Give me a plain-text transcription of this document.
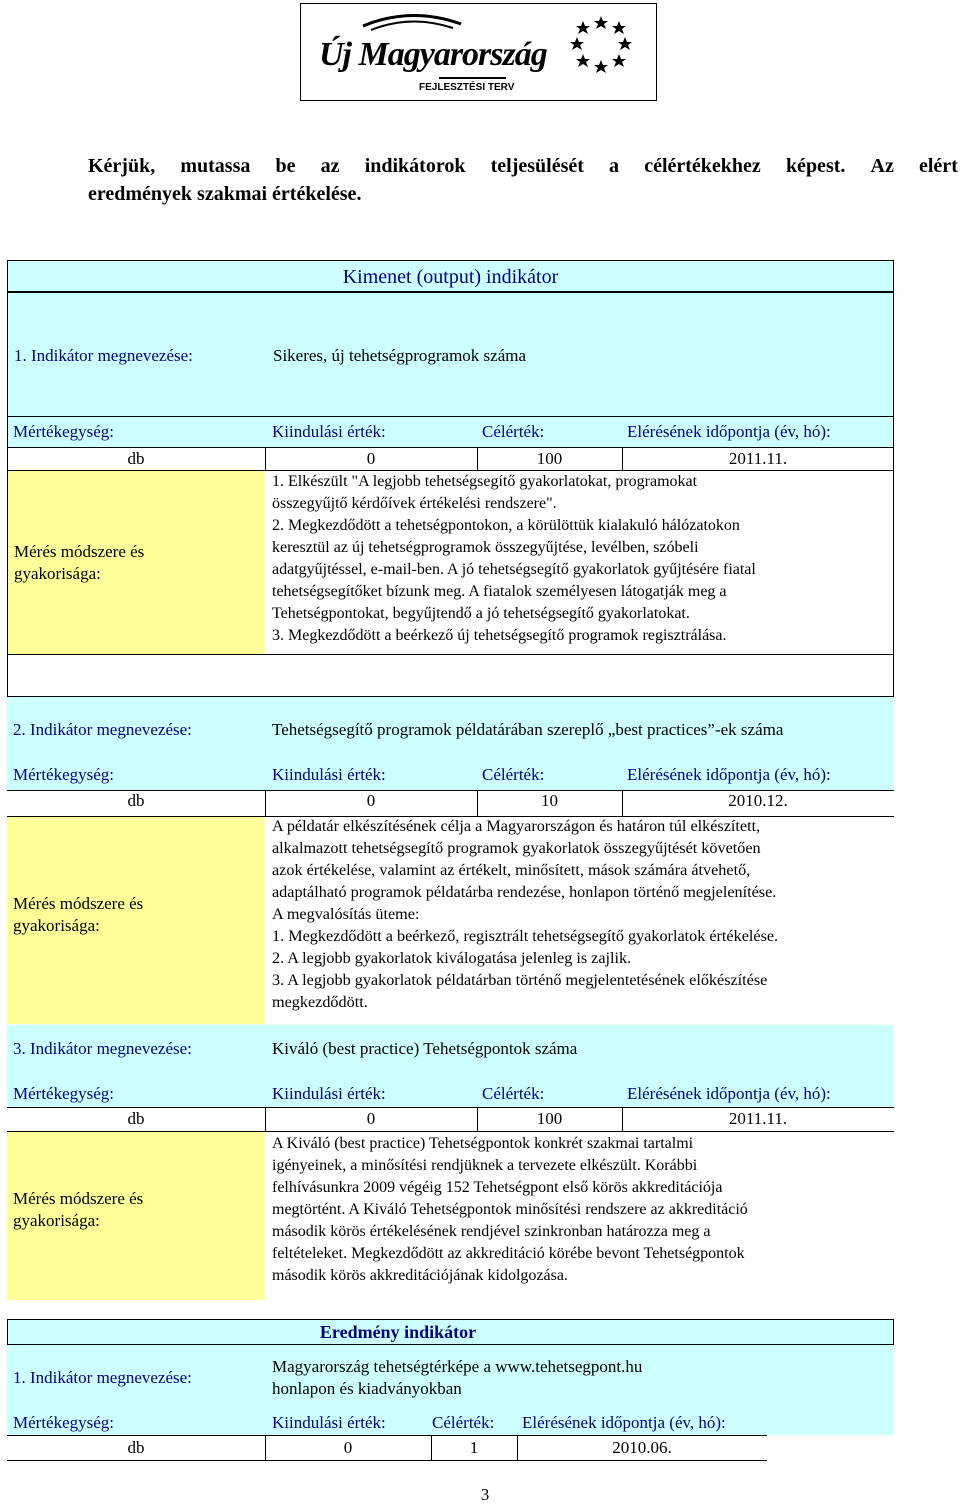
Új Magyarország
FEJLESZTÉSI TERV
Kérjük, mutassa be az indikátorok teljesülését a célértékekhez képest. Az elért
eredmények szakmai értékelése.
Kimenet (output) indikátor
1. Indikátor megnevezése:	Sikeres, új tehetségprogramok száma
Mértékegység:	Kiindulási érték:	Célérték:	Elérésének időpontja (év, hó):
db	0	100	2011.11.
Mérés módszere és
gyakorisága:
1. Elkészült "A legjobb tehetségsegítő gyakorlatokat, programokat
összegyűjtő kérdőívek értékelési rendszere".
2. Megkezdődött a tehetségpontokon, a körülöttük kialakuló hálózatokon
keresztül az új tehetségprogramok összegyűjtése, levélben, szóbeli
adatgyűjtéssel, e-mail-ben. A jó tehetségsegítő gyakorlatok gyűjtésére fiatal
tehetségsegítőket bízunk meg. A fiatalok személyesen látogatják meg a
Tehetségpontokat, begyűjtendő a jó tehetségsegítő gyakorlatokat.
3. Megkezdődött a beérkező új tehetségsegítő programok regisztrálása.
2. Indikátor megnevezése:	Tehetségsegítő programok példatárában szereplő „best practices”-ek száma
Mértékegység:	Kiindulási érték:	Célérték:	Elérésének időpontja (év, hó):
db	0	10	2010.12.
Mérés módszere és
gyakorisága:
A példatár elkészítésének célja a Magyarországon és határon túl elkészített,
alkalmazott tehetségsegítő programok gyakorlatok összegyűjtését követően
azok értékelése, valamint az értékelt, minősített, mások számára átvehető,
adaptálható programok példatárba rendezése, honlapon történő megjelenítése.
A megvalósítás üteme:
1. Megkezdődött a beérkező, regisztrált tehetségsegítő gyakorlatok értékelése.
2. A legjobb gyakorlatok kiválogatása jelenleg is zajlik.
3. A legjobb gyakorlatok példatárban történő megjelentetésének előkészítése
megkezdődött.
3. Indikátor megnevezése:	Kiváló (best practice) Tehetségpontok száma
Mértékegység:	Kiindulási érték:	Célérték:	Elérésének időpontja (év, hó):
db	0	100	2011.11.
Mérés módszere és
gyakorisága:
A Kiváló (best practice) Tehetségpontok konkrét szakmai tartalmi
igényeinek, a minősítési rendjüknek a tervezete elkészült. Korábbi
felhívásunkra 2009 végéig 152 Tehetségpont első körös akkreditációja
megtörtént. A Kiváló Tehetségpontok minősítési rendszere az akkreditáció
második körös értékelésének rendjével szinkronban határozza meg a
feltételeket. Megkezdődött az akkreditáció körébe bevont Tehetségpontok
második körös akkreditációjának kidolgozása.
Eredmény indikátor
1. Indikátor megnevezése:
Magyarország tehetségtérképe a www.tehetsegpont.hu
honlapon és kiadványokban
Mértékegység:	Kiindulási érték:	Célérték: Elérésének időpontja (év, hó):
db	0	1	2010.06.
3
